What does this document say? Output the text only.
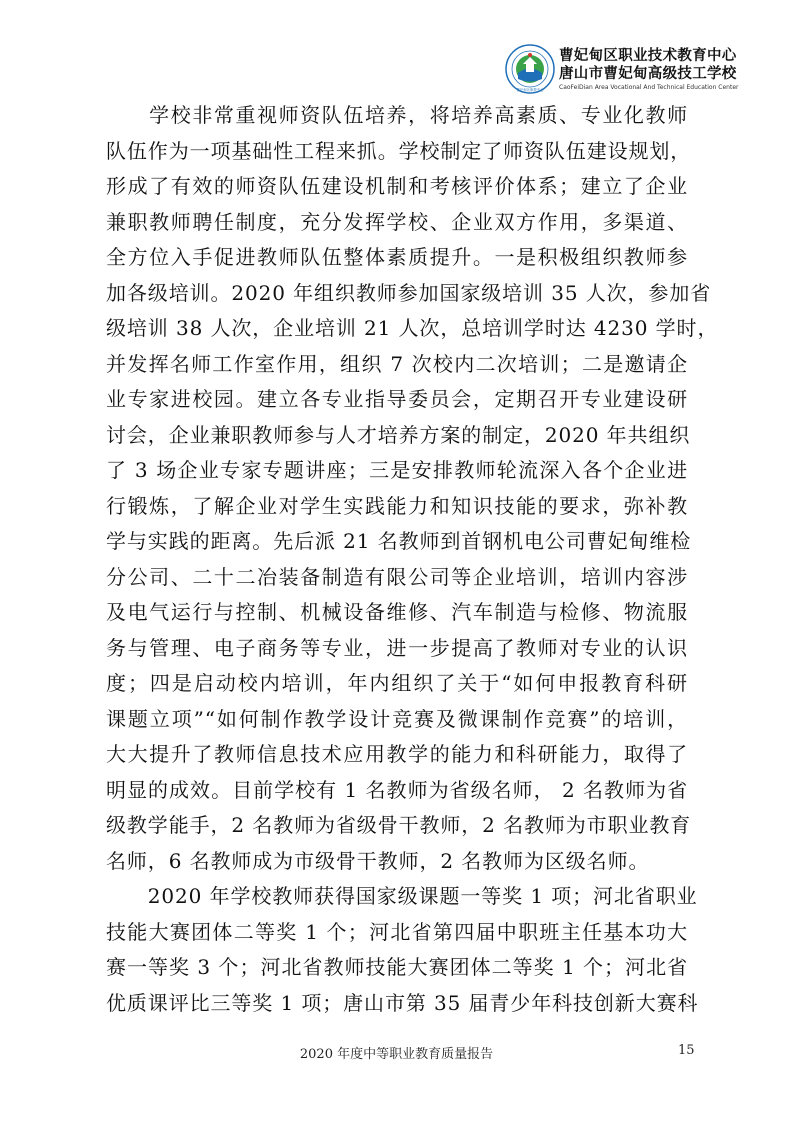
曹妃甸区职教中心
曹妃甸区职业技术教育中心
唐山市曹妃甸高级技工学校
CaoFeiDian Area Vocational And Technical Education Center

　　学校非常重视师资队伍培养，将培养高素质、专业化教师
队伍作为一项基础性工程来抓。学校制定了师资队伍建设规划，
形成了有效的师资队伍建设机制和考核评价体系；建立了企业
兼职教师聘任制度，充分发挥学校、企业双方作用，多渠道、
全方位入手促进教师队伍整体素质提升。一是积极组织教师参
加各级培训。2020 年组织教师参加国家级培训 35 人次，参加省
级培训 38 人次，企业培训 21 人次，总培训学时达 4230 学时，
并发挥名师工作室作用，组织 7 次校内二次培训；二是邀请企
业专家进校园。建立各专业指导委员会，定期召开专业建设研
讨会，企业兼职教师参与人才培养方案的制定，2020 年共组织
了 3 场企业专家专题讲座；三是安排教师轮流深入各个企业进
行锻炼，了解企业对学生实践能力和知识技能的要求，弥补教
学与实践的距离。先后派 21 名教师到首钢机电公司曹妃甸维检
分公司、二十二冶装备制造有限公司等企业培训，培训内容涉
及电气运行与控制、机械设备维修、汽车制造与检修、物流服
务与管理、电子商务等专业，进一步提高了教师对专业的认识
度；四是启动校内培训，年内组织了关于“如何申报教育科研
课题立项”“如何制作教学设计竞赛及微课制作竞赛”的培训，
大大提升了教师信息技术应用教学的能力和科研能力，取得了
明显的成效。目前学校有 1 名教师为省级名师， 2 名教师为省
级教学能手，2 名教师为省级骨干教师，2 名教师为市职业教育
名师，6 名教师成为市级骨干教师，2 名教师为区级名师。

　　2020 年学校教师获得国家级课题一等奖 1 项；河北省职业
技能大赛团体二等奖 1 个；河北省第四届中职班主任基本功大
赛一等奖 3 个；河北省教师技能大赛团体二等奖 1 个；河北省
优质课评比三等奖 1 项；唐山市第 35 届青少年科技创新大赛科

2020 年度中等职业教育质量报告	15
